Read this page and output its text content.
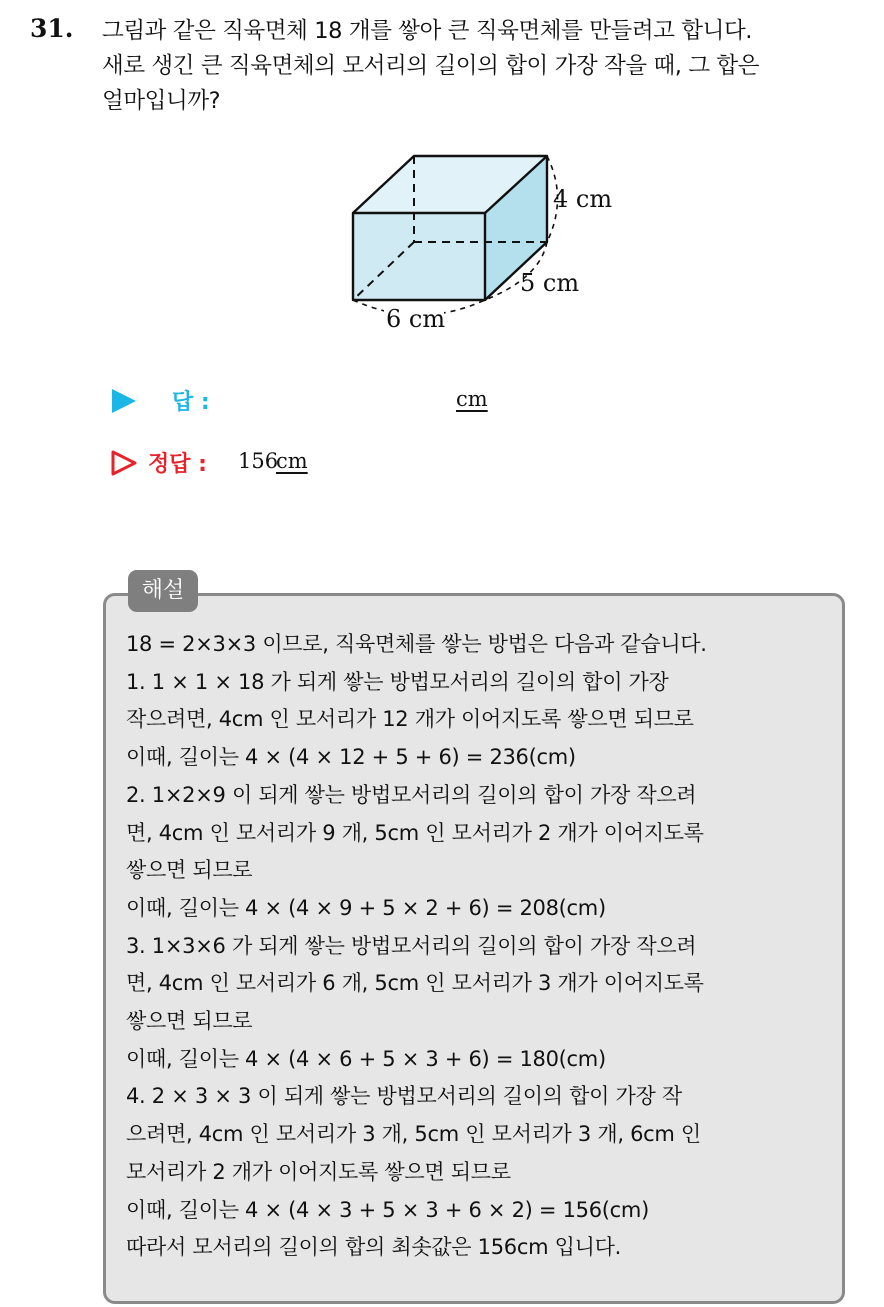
31. 그림과 같은 직육면체 18 개를 쌓아 큰 직육면체를 만들려고 합니다.
새로 생긴 큰 직육면체의 모서리의 길이의 합이 가장 작을 때, 그 합은
얼마입니까?
4 cm
5 cm
6 cm
답 :	cm
정답 : 156
cm
해설
18 = 2×3×3 이므로, 직육면체를 쌓는 방법은 다음과 같습니다.
1. 1 × 1 × 18 가 되게 쌓는 방법모서리의 길이의 합이 가장
작으려면, 4cm 인 모서리가 12 개가 이어지도록 쌓으면 되므로
이때, 길이는 4 × (4 × 12 + 5 + 6) = 236(cm)
2. 1×2×9 이 되게 쌓는 방법모서리의 길이의 합이 가장 작으려
면, 4cm 인 모서리가 9 개, 5cm 인 모서리가 2 개가 이어지도록
쌓으면 되므로
이때, 길이는 4 × (4 × 9 + 5 × 2 + 6) = 208(cm)
3. 1×3×6 가 되게 쌓는 방법모서리의 길이의 합이 가장 작으려
면, 4cm 인 모서리가 6 개, 5cm 인 모서리가 3 개가 이어지도록
쌓으면 되므로
이때, 길이는 4 × (4 × 6 + 5 × 3 + 6) = 180(cm)
4. 2 × 3 × 3 이 되게 쌓는 방법모서리의 길이의 합이 가장 작
으려면, 4cm 인 모서리가 3 개, 5cm 인 모서리가 3 개, 6cm 인
모서리가 2 개가 이어지도록 쌓으면 되므로
이때, 길이는 4 × (4 × 3 + 5 × 3 + 6 × 2) = 156(cm)
따라서 모서리의 길이의 합의 최솟값은 156cm 입니다.
